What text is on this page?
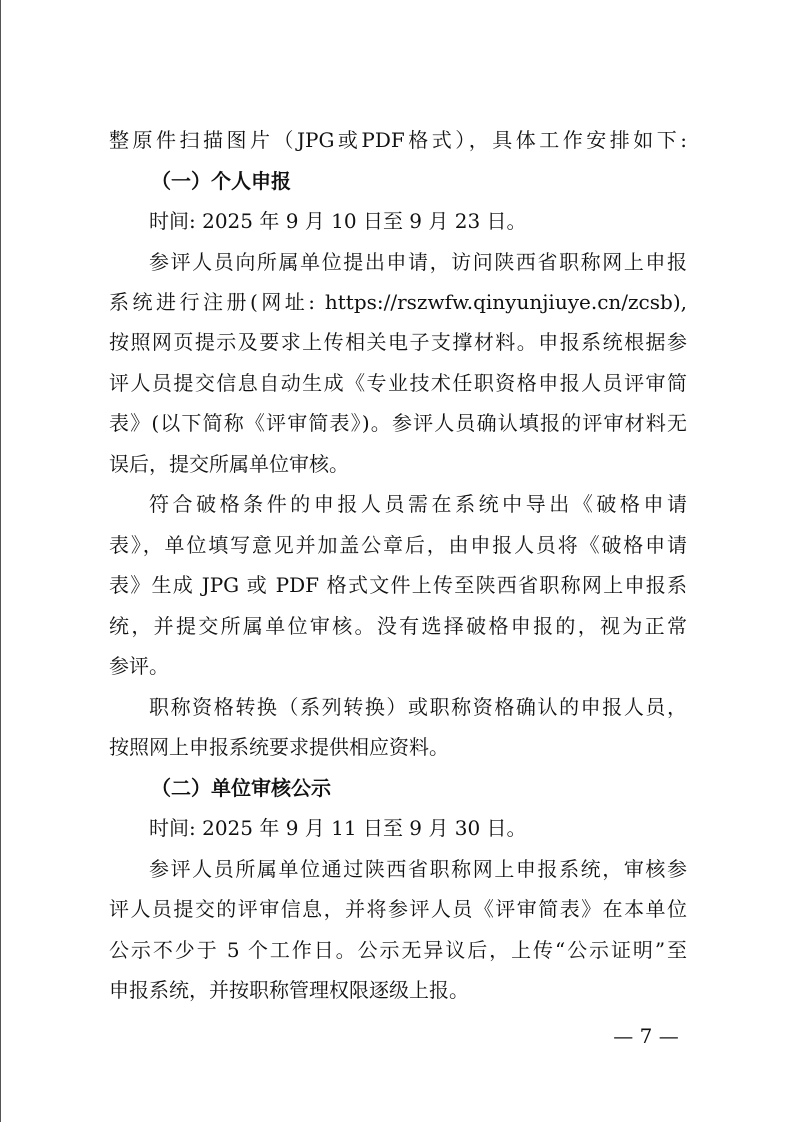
整原件扫描图片（JPG或PDF格式），具体工作安排如下:
（一）个人申报
时间: 2025 年 9 月 10 日至 9 月 23 日。
参评人员向所属单位提出申请，访问陕西省职称网上申报
系统进行注册(网址: https://rszwfw.qinyunjiuye.cn/zcsb),
按照网页提示及要求上传相关电子支撑材料。申报系统根据参
评人员提交信息自动生成《专业技术任职资格申报人员评审简
表》(以下简称《评审简表》)。参评人员确认填报的评审材料无
误后，提交所属单位审核。
符合破格条件的申报人员需在系统中导出《破格申请
表》，单位填写意见并加盖公章后，由申报人员将《破格申请
表》生成 JPG 或 PDF 格式文件上传至陕西省职称网上申报系
统，并提交所属单位审核。没有选择破格申报的，视为正常
参评。
职称资格转换（系列转换）或职称资格确认的申报人员，
按照网上申报系统要求提供相应资料。
（二）单位审核公示
时间: 2025 年 9 月 11 日至 9 月 30 日。
参评人员所属单位通过陕西省职称网上申报系统，审核参
评人员提交的评审信息，并将参评人员《评审简表》在本单位
公示不少于 5 个工作日。公示无异议后，上传“公示证明”至
申报系统，并按职称管理权限逐级上报。
— 7 —
